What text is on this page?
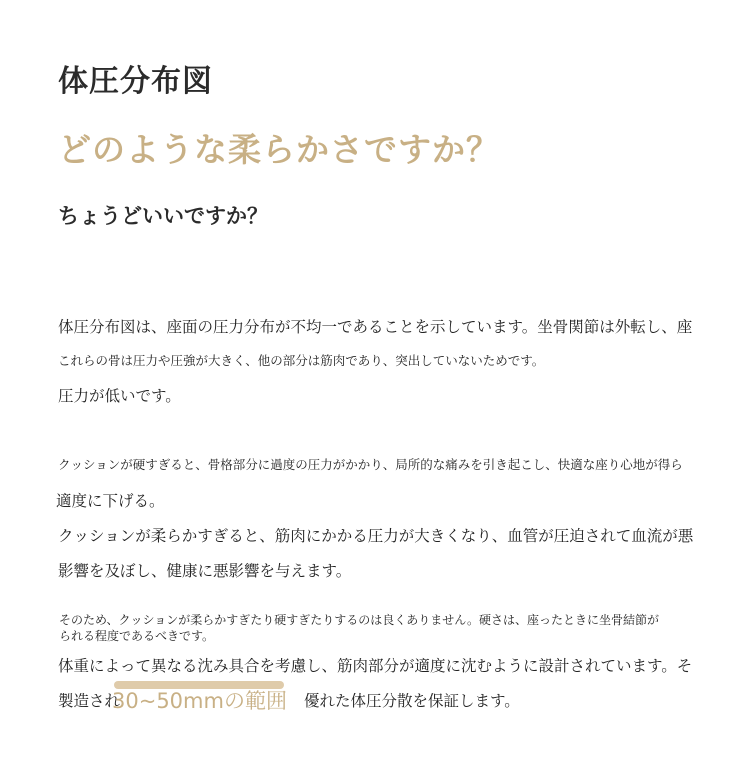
体圧分布図
どのような柔らかさですか？
ちょうどいいですか？

体圧分布図は、座面の圧力分布が不均一であることを示しています。坐骨関節は外転し、座

これらの骨は圧力や圧強が大きく、他の部分は筋肉であり、突出していないためです。

圧力が低いです。

クッションが硬すぎると、骨格部分に過度の圧力がかかり、局所的な痛みを引き起こし、快適な座り心地が得ら

適度に下げる。

クッションが柔らかすぎると、筋肉にかかる圧力が大きくなり、血管が圧迫されて血流が悪

影響を及ぼし、健康に悪影響を与えます。

そのため、クッションが柔らかすぎたり硬すぎたりするのは良くありません。硬さは、座ったときに坐骨結節が

られる程度であるべきです。

体重によって異なる沈み具合を考慮し、筋肉部分が適度に沈むように設計されています。そ

製造され

30~50mmの範囲 優れた体圧分散を保証します。
